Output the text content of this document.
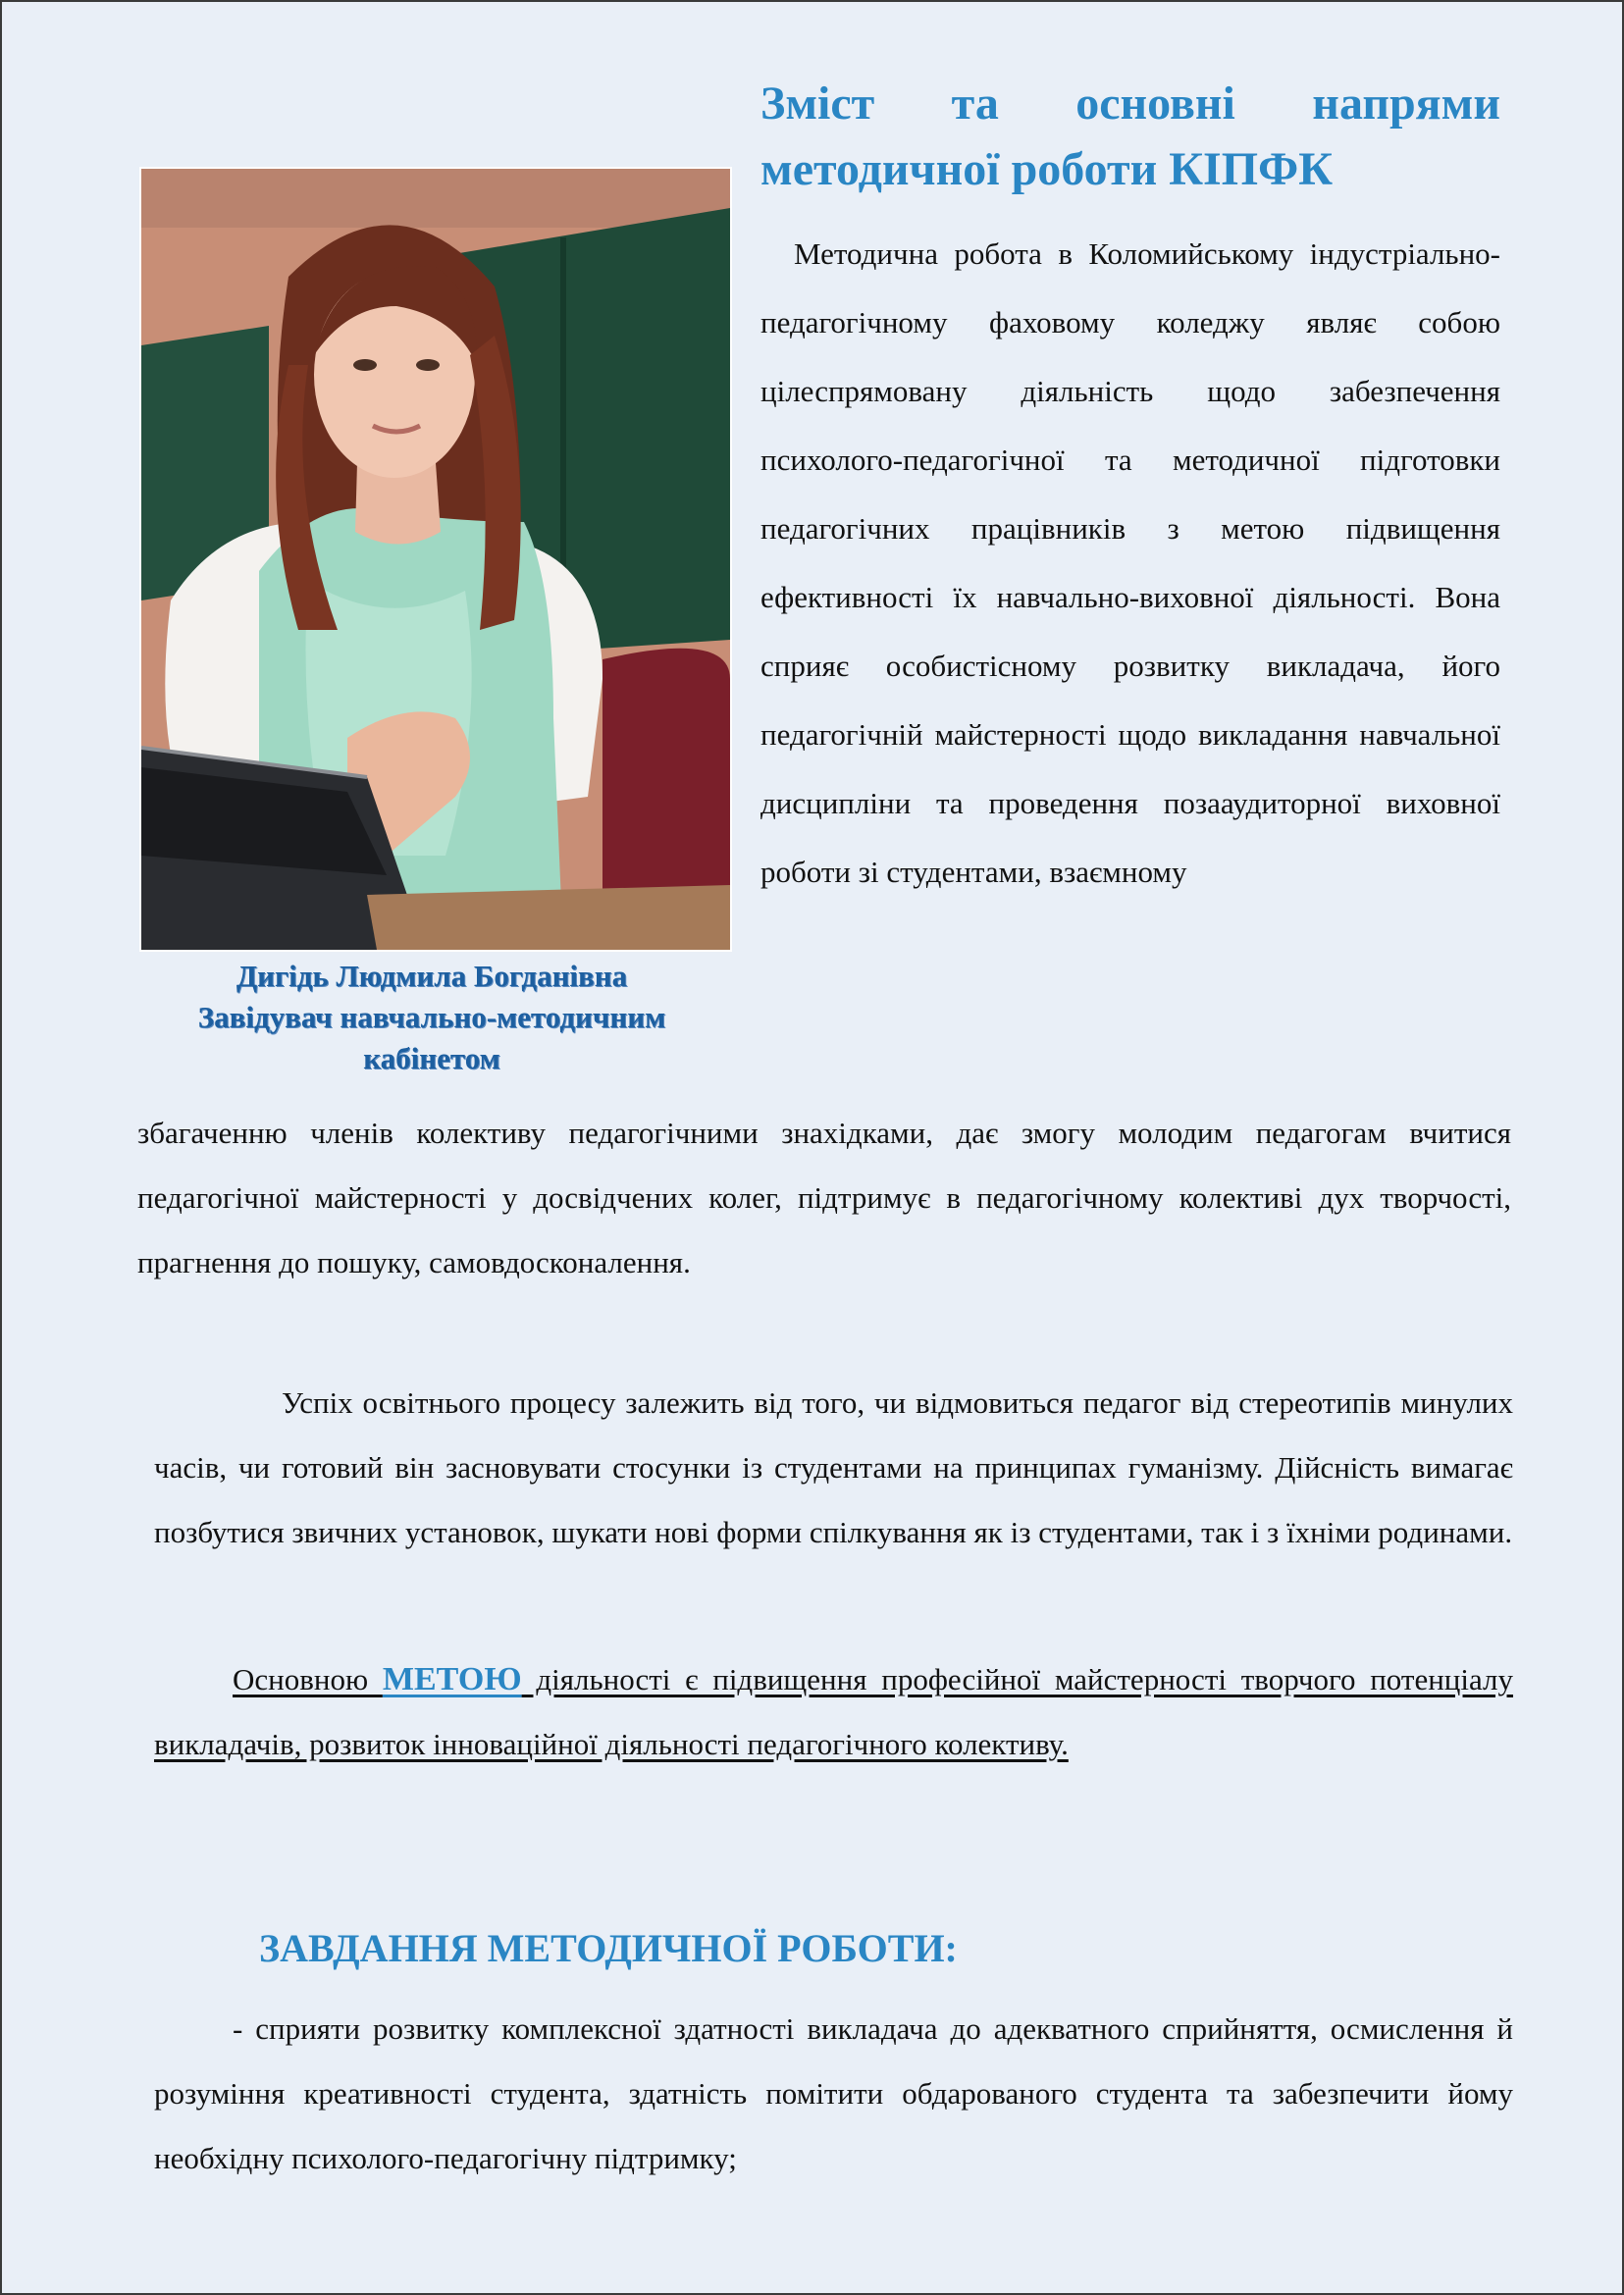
Зміст та основні напрями методичної роботи КІПФК
Дигідь Людмила Богданівна
Завідувач навчально-методичним
кабінетом

Методична робота в Коломийському індустріально-педагогічному фаховому коледжу являє собою цілеспрямовану діяльність щодо забезпечення психолого-педагогічної та методичної підготовки педагогічних працівників з метою підвищення ефективності їх навчально-виховної діяльності. Вона сприяє особистісному розвитку викладача, його педагогічній майстерності щодо викладання навчальної дисципліни та проведення позааудиторної виховної роботи зі студентами, взаємному

збагаченню членів колективу педагогічними знахідками, дає змогу молодим педагогам вчитися педагогічної майстерності у досвідчених колег, підтримує в педагогічному колективі дух творчості, прагнення до пошуку, самовдосконалення.

Успіх освітнього процесу залежить від того, чи відмовиться педагог від стереотипів минулих часів, чи готовий він засновувати стосунки із студентами на принципах гуманізму. Дійсність вимагає позбутися звичних установок, шукати нові форми спілкування як із студентами, так і з їхніми родинами.

Основною МЕТОЮ діяльності є підвищення професійної майстерності творчого потенціалу викладачів, розвиток інноваційної діяльності педагогічного колективу.

ЗАВДАННЯ МЕТОДИЧНОЇ РОБОТИ:

- сприяти розвитку комплексної здатності викладача до адекватного сприйняття, осмислення й розуміння креативності студента, здатність помітити обдарованого студента та забезпечити йому необхідну психолого-педагогічну підтримку;
